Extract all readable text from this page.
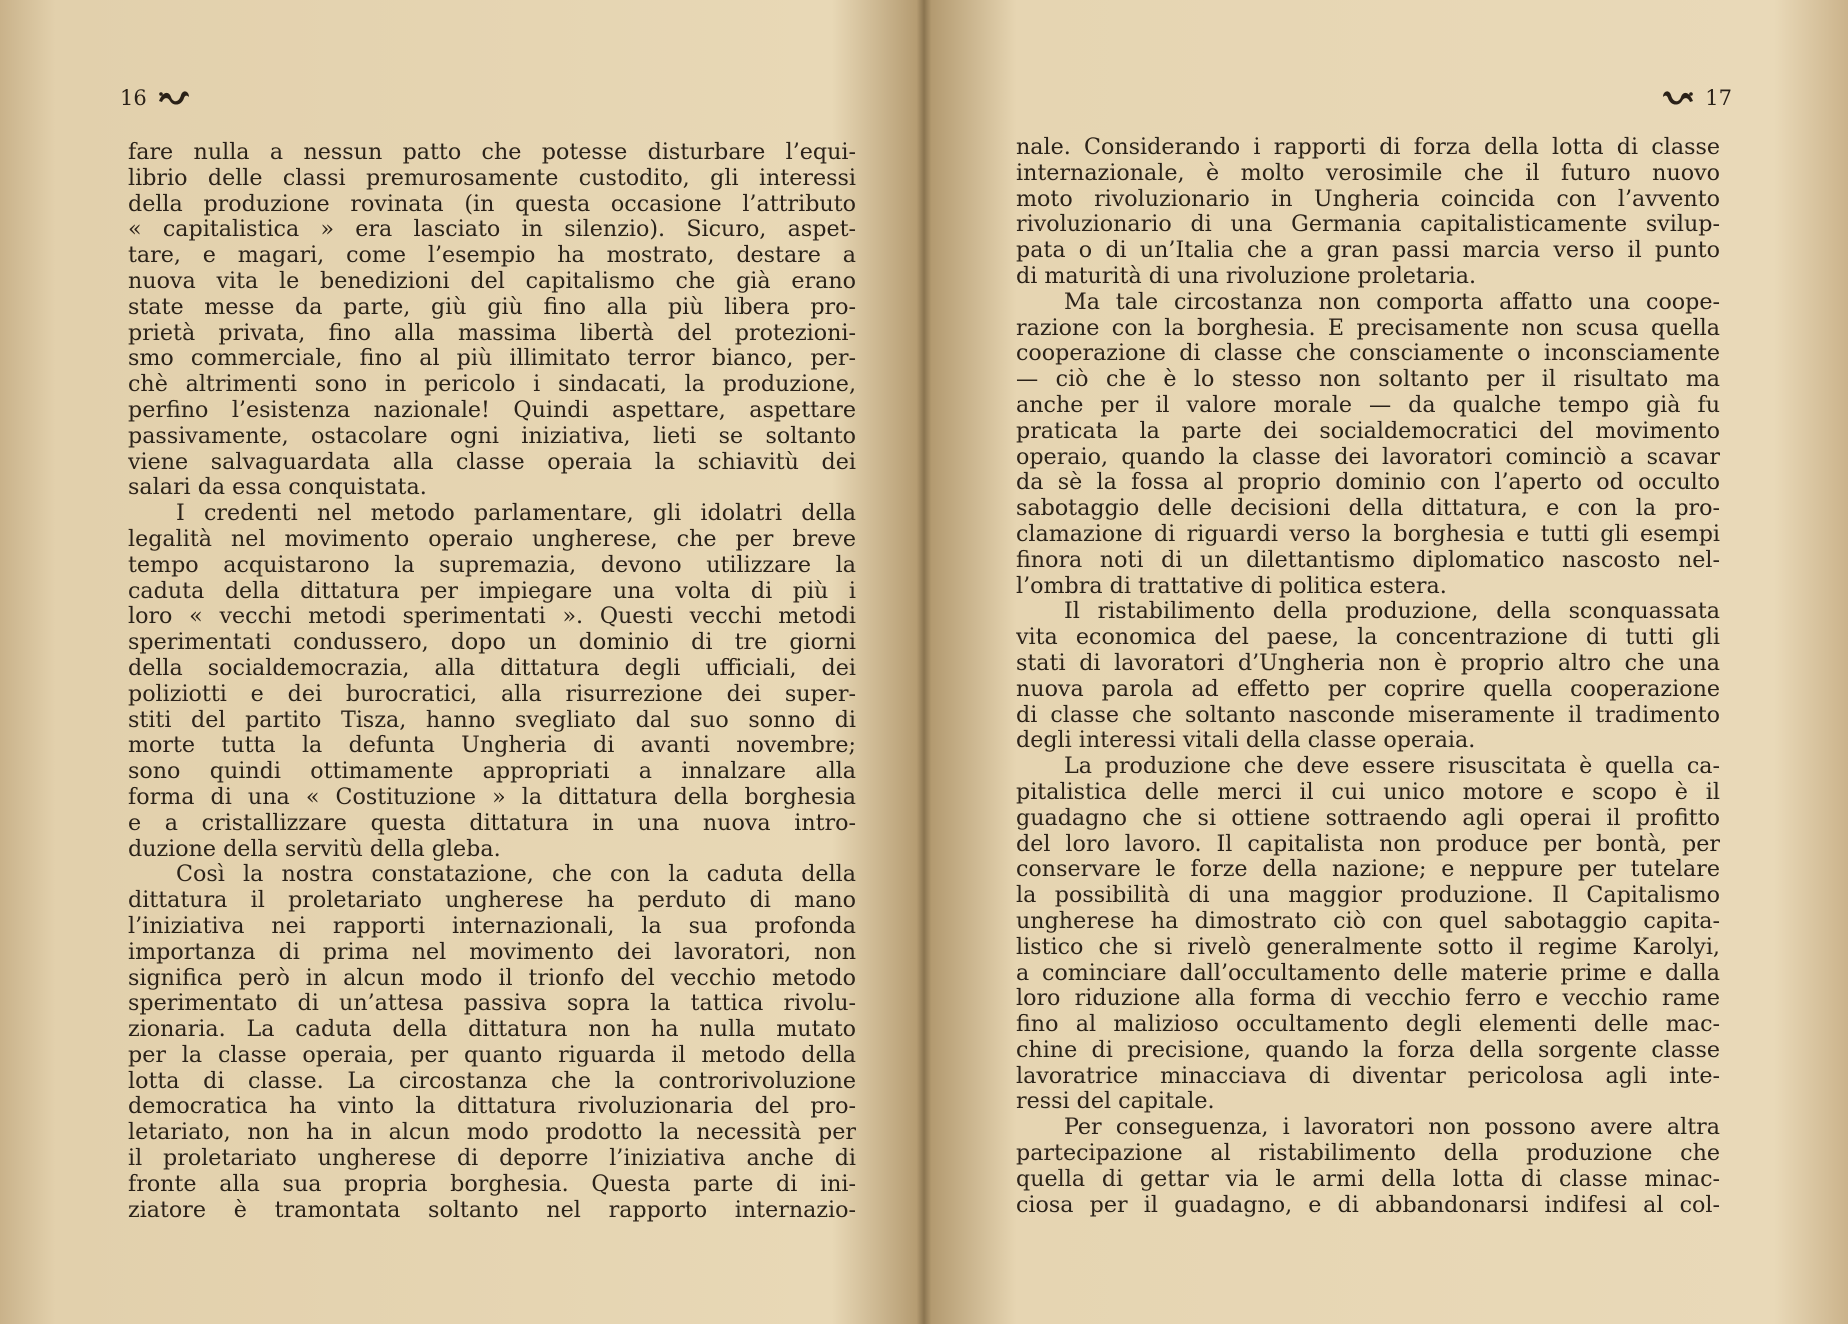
16
fare nulla a nessun patto che potesse disturbare l’equi-
librio delle classi premurosamente custodito, gli interessi
della produzione rovinata (in questa occasione l’attributo
« capitalistica » era lasciato in silenzio). Sicuro, aspet-
tare, e magari, come l’esempio ha mostrato, destare a
nuova vita le benedizioni del capitalismo che già erano
state messe da parte, giù giù fino alla più libera pro-
prietà privata, fino alla massima libertà del protezioni-
smo commerciale, fino al più illimitato terror bianco, per-
chè altrimenti sono in pericolo i sindacati, la produzione,
perfino l’esistenza nazionale! Quindi aspettare, aspettare
passivamente, ostacolare ogni iniziativa, lieti se soltanto
viene salvaguardata alla classe operaia la schiavitù dei
salari da essa conquistata.
I credenti nel metodo parlamentare, gli idolatri della
legalità nel movimento operaio ungherese, che per breve
tempo acquistarono la supremazia, devono utilizzare la
caduta della dittatura per impiegare una volta di più i
loro « vecchi metodi sperimentati ». Questi vecchi metodi
sperimentati condussero, dopo un dominio di tre giorni
della socialdemocrazia, alla dittatura degli ufficiali, dei
poliziotti e dei burocratici, alla risurrezione dei super-
stiti del partito Tisza, hanno svegliato dal suo sonno di
morte tutta la defunta Ungheria di avanti novembre;
sono quindi ottimamente appropriati a innalzare alla
forma di una « Costituzione » la dittatura della borghesia
e a cristallizzare questa dittatura in una nuova intro-
duzione della servitù della gleba.
Così la nostra constatazione, che con la caduta della
dittatura il proletariato ungherese ha perduto di mano
l’iniziativa nei rapporti internazionali, la sua profonda
importanza di prima nel movimento dei lavoratori, non
significa però in alcun modo il trionfo del vecchio metodo
sperimentato di un’attesa passiva sopra la tattica rivolu-
zionaria. La caduta della dittatura non ha nulla mutato
per la classe operaia, per quanto riguarda il metodo della
lotta di classe. La circostanza che la controrivoluzione
democratica ha vinto la dittatura rivoluzionaria del pro-
letariato, non ha in alcun modo prodotto la necessità per
il proletariato ungherese di deporre l’iniziativa anche di
fronte alla sua propria borghesia. Questa parte di ini-
ziatore è tramontata soltanto nel rapporto internazio-
17
nale. Considerando i rapporti di forza della lotta di classe
internazionale, è molto verosimile che il futuro nuovo
moto rivoluzionario in Ungheria coincida con l’avvento
rivoluzionario di una Germania capitalisticamente svilup-
pata o di un’Italia che a gran passi marcia verso il punto
di maturità di una rivoluzione proletaria.
Ma tale circostanza non comporta affatto una coope-
razione con la borghesia. E precisamente non scusa quella
cooperazione di classe che consciamente o inconsciamente
— ciò che è lo stesso non soltanto per il risultato ma
anche per il valore morale — da qualche tempo già fu
praticata la parte dei socialdemocratici del movimento
operaio, quando la classe dei lavoratori cominciò a scavar
da sè la fossa al proprio dominio con l’aperto od occulto
sabotaggio delle decisioni della dittatura, e con la pro-
clamazione di riguardi verso la borghesia e tutti gli esempi
finora noti di un dilettantismo diplomatico nascosto nel-
l’ombra di trattative di politica estera.
Il ristabilimento della produzione, della sconquassata
vita economica del paese, la concentrazione di tutti gli
stati di lavoratori d’Ungheria non è proprio altro che una
nuova parola ad effetto per coprire quella cooperazione
di classe che soltanto nasconde miseramente il tradimento
degli interessi vitali della classe operaia.
La produzione che deve essere risuscitata è quella ca-
pitalistica delle merci il cui unico motore e scopo è il
guadagno che si ottiene sottraendo agli operai il profitto
del loro lavoro. Il capitalista non produce per bontà, per
conservare le forze della nazione; e neppure per tutelare
la possibilità di una maggior produzione. Il Capitalismo
ungherese ha dimostrato ciò con quel sabotaggio capita-
listico che si rivelò generalmente sotto il regime Karolyi,
a cominciare dall’occultamento delle materie prime e dalla
loro riduzione alla forma di vecchio ferro e vecchio rame
fino al malizioso occultamento degli elementi delle mac-
chine di precisione, quando la forza della sorgente classe
lavoratrice minacciava di diventar pericolosa agli inte-
ressi del capitale.
Per conseguenza, i lavoratori non possono avere altra
partecipazione al ristabilimento della produzione che
quella di gettar via le armi della lotta di classe minac-
ciosa per il guadagno, e di abbandonarsi indifesi al col-
